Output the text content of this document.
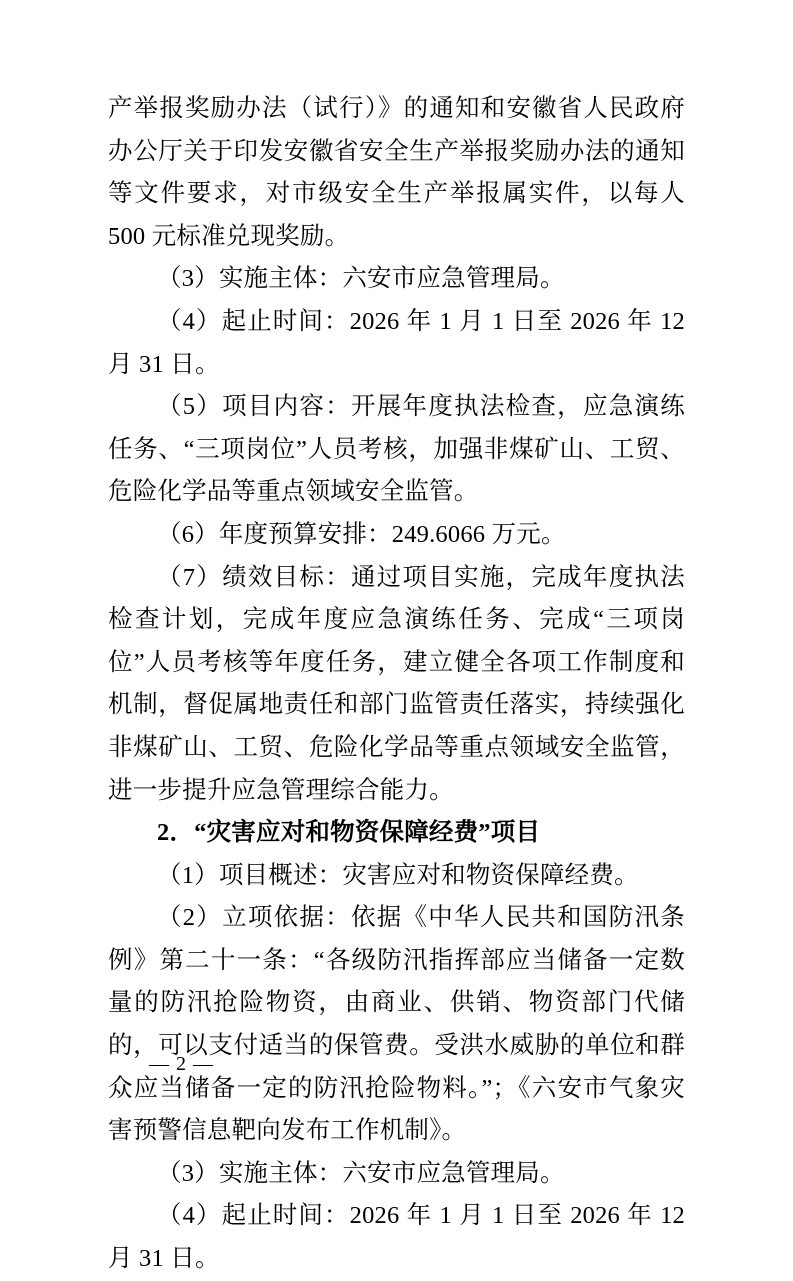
产举报奖励办法（试行）》的通知和安徽省人民政府办公厅关于印发安徽省安全生产举报奖励办法的通知等文件要求，对市级安全生产举报属实件，以每人 500 元标准兑现奖励。

（3）实施主体：六安市应急管理局。

（4）起止时间：2026 年 1 月 1 日至 2026 年 12 月 31 日。

（5）项目内容：开展年度执法检查，应急演练任务、“三项岗位”人员考核，加强非煤矿山、工贸、危险化学品等重点领域安全监管。

（6）年度预算安排：249.6066 万元。

（7）绩效目标：通过项目实施，完成年度执法检查计划，完成年度应急演练任务、完成“三项岗位”人员考核等年度任务，建立健全各项工作制度和机制，督促属地责任和部门监管责任落实，持续强化非煤矿山、工贸、危险化学品等重点领域安全监管，进一步提升应急管理综合能力。

2．“灾害应对和物资保障经费”项目

（1）项目概述：灾害应对和物资保障经费。

（2）立项依据：依据《中华人民共和国防汛条例》第二十一条：“各级防汛指挥部应当储备一定数量的防汛抢险物资，由商业、供销、物资部门代储的，可以支付适当的保管费。受洪水威胁的单位和群众应当储备一定的防汛抢险物料。”；《六安市气象灾害预警信息靶向发布工作机制》。

（3）实施主体：六安市应急管理局。

（4）起止时间：2026 年 1 月 1 日至 2026 年 12 月 31 日。

— 2 —
